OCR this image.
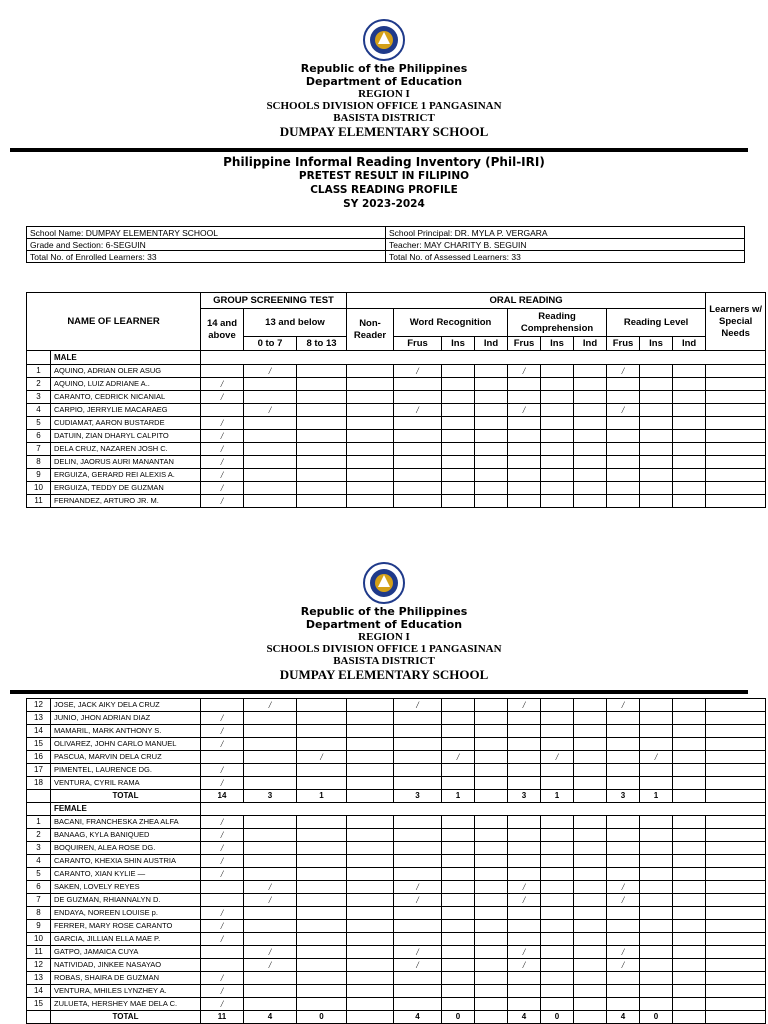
Republic of the Philippines
Department of Education
REGION I
SCHOOLS DIVISION OFFICE 1 PANGASINAN
BASISTA DISTRICT
DUMPAY ELEMENTARY SCHOOL
Philippine Informal Reading Inventory (Phil-IRI)
PRETEST RESULT IN FILIPINO
CLASS READING PROFILE
SY 2023-2024
School Name: DUMPAY ELEMENTARY SCHOOL	School Principal: DR. MYLA P. VERGARA
Grade and Section: 6-SEGUIN	Teacher: MAY CHARITY B. SEGUIN
Total No. of Enrolled Learners: 33	Total No. of Assessed Learners: 33
NAME OF LEARNER		GROUP SCREENING TEST			ORAL READING										Learners w/ Special Needs
		14 and above	13 and below		Non-Reader	Word Recognition			Reading Comprehension			Reading Level			
			0 to 7	8 to 13		Frus	Ins	Ind	Frus	Ins	Ind	Frus	Ins	Ind	
	MALE														
1	AQUINO, ADRIAN OLER ASUG		/			/			/			/			
2	AQUINO, LUIZ ADRIANE A..	/													
3	CARANTO, CEDRICK NICANIAL	/													
4	CARPIO, JERRYLIE MACARAEG		/			/			/			/			
5	CUDIAMAT, AARON BUSTARDE	/													
6	DATUIN, ZIAN DHARYL CALPITO	/													
7	DELA CRUZ, NAZAREN JOSH C.	/													
8	DELIN, JAORUS AURI MANANTAN	/													
9	ERGUIZA, GERARD REI ALEXIS A.	/													
10	ERGUIZA, TEDDY DE GUZMAN	/													
11	FERNANDEZ, ARTURO JR. M.	/													
Republic of the Philippines
Department of Education
REGION I
SCHOOLS DIVISION OFFICE 1 PANGASINAN
BASISTA DISTRICT
DUMPAY ELEMENTARY SCHOOL
12	JOSE, JACK AIKY DELA CRUZ		/			/			/			/			
13	JUNIO, JHON ADRIAN DIAZ	/													
14	MAMARIL, MARK ANTHONY S.	/													
15	OLIVAREZ, JOHN CARLO MANUEL	/													
16	PASCUA, MARVIN DELA CRUZ			/			/			/			/		
17	PIMENTEL, LAURENCE DG.	/													
18	VENTURA, CYRIL RAMA	/													
	TOTAL	14	3	1		3	1		3	1		3	1		
	FEMALE														
1	BACANI, FRANCHESKA ZHEA ALFA	/													
2	BANAAG, KYLA BANIQUED	/													
3	BOQUIREN, ALEA ROSE DG.	/													
4	CARANTO, KHEXIA SHIN AUSTRIA	/													
5	CARANTO, XIAN KYLIE —	/													
6	SAKEN, LOVELY REYES		/			/			/			/			
7	DE GUZMAN, RHIANNALYN D.		/			/			/			/			
8	ENDAYA, NOREEN LOUISE p.	/													
9	FERRER, MARY ROSE CARANTO	/													
10	GARCIA, JILLIAN ELLA MAE P.	/													
11	GATPO, JAMAICA CUYA		/			/			/			/			
12	NATIVIDAD, JINKEE NASAYAO		/			/			/			/			
13	ROBAS, SHAIRA DE GUZMAN	/													
14	VENTURA, MHILES LYNZHEY A.	/													
15	ZULUETA, HERSHEY MAE DELA C.	/													
	TOTAL	11	4	0		4	0		4	0		4	0		
